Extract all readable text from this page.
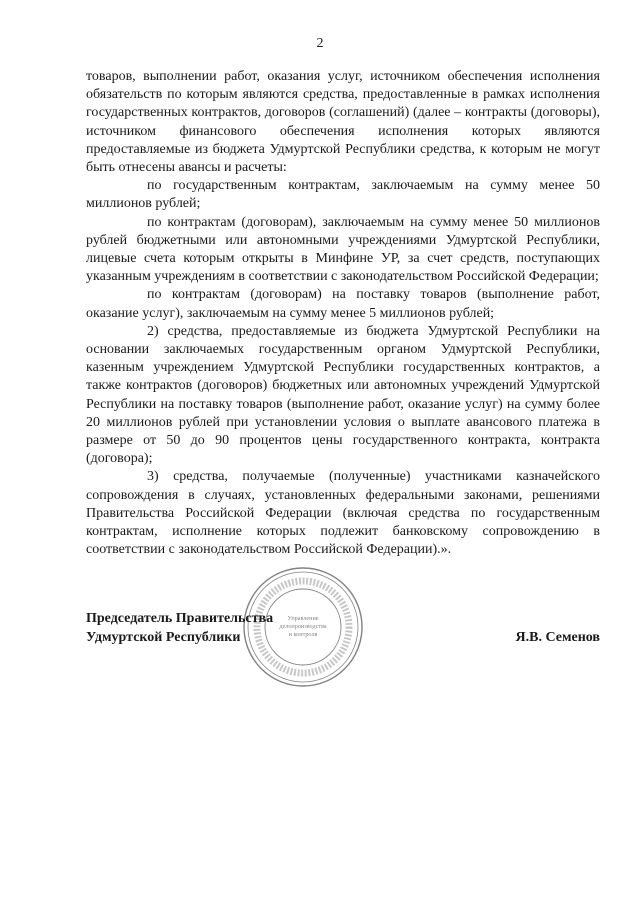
2

товаров, выполнении работ, оказания услуг, источником обеспечения исполнения обязательств по которым являются средства, предоставленные в рамках исполнения государственных контрактов, договоров (соглашений) (далее – контракты (договоры), источником финансового обеспечения исполнения которых являются предоставляемые из бюджета Удмуртской Республики средства, к которым не могут быть отнесены авансы и расчеты:

по государственным контрактам, заключаемым на сумму менее 50 миллионов рублей;

по контрактам (договорам), заключаемым на сумму менее 50 миллионов рублей бюджетными или автономными учреждениями Удмуртской Республики, лицевые счета которым открыты в Минфине УР, за счет средств, поступающих указанным учреждениям в соответствии с законодательством Российской Федерации;

по контрактам (договорам) на поставку товаров (выполнение работ, оказание услуг), заключаемым на сумму менее 5 миллионов рублей;

2) средства, предоставляемые из бюджета Удмуртской Республики на основании заключаемых государственным органом Удмуртской Республики, казенным учреждением Удмуртской Республики государственных контрактов, а также контрактов (договоров) бюджетных или автономных учреждений Удмуртской Республики на поставку товаров (выполнение работ, оказание услуг) на сумму более 20 миллионов рублей при установлении условия о выплате авансового платежа в размере от 50 до 90 процентов цены государственного контракта, контракта (договора);

3) средства, получаемые (полученные) участниками казначейского сопровождения в случаях, установленных федеральными законами, решениями Правительства Российской Федерации (включая средства по государственным контрактам, исполнение которых подлежит банковскому сопровождению в соответствии с законодательством Российской Федерации).».

Управление
делопроизводства
и контроля
Председатель Правительства
Удмуртской Республики	Я.В. Семенов
